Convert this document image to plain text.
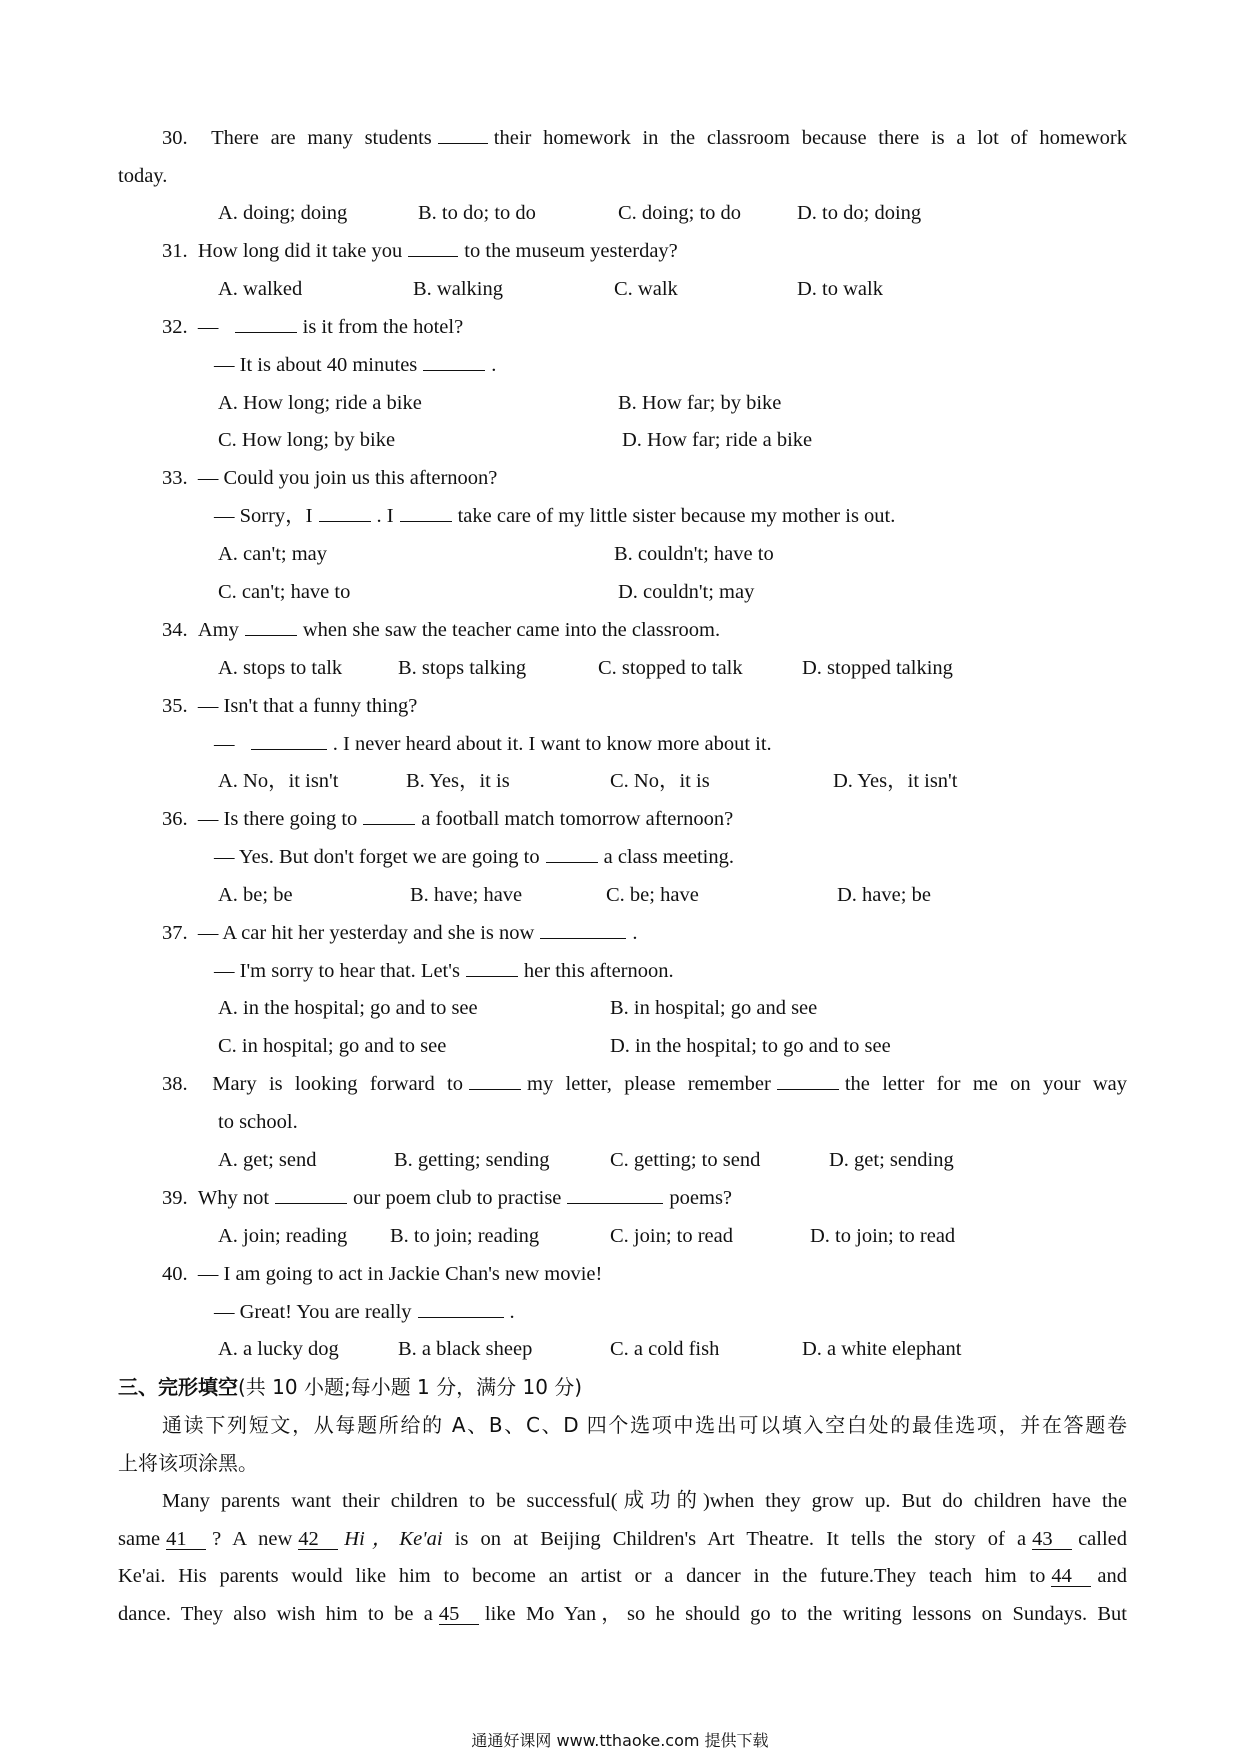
30. There are many students	their homework in the classroom because there is a lot of homework
today.
A. doing; doing	B. to do; to do	C. doing; to do	D. to do; doing
31. How long did it take you	to the museum yesterday?
A. walked	B. walking	C. walk	D. to walk
32. —	is it from the hotel?
— It is about 40 minutes	.
A. How long; ride a bike	B. How far; by bike
C. How long; by bike	D. How far; ride a bike
33. — Could you join us this afternoon?
— Sorry，I	. I	take care of my little sister because my mother is out.
A. can't; may	B. couldn't; have to
C. can't; have to	D. couldn't; may
34. Amy	when she saw the teacher came into the classroom.
A. stops to talk	B. stops talking	C. stopped to talk	D. stopped talking
35. — Isn't that a funny thing?
—	. I never heard about it. I want to know more about it.
A. No，it isn't	B. Yes，it is	C. No，it is	D. Yes，it isn't
36. — Is there going to	a football match tomorrow afternoon?
— Yes. But don't forget we are going to	a class meeting.
A. be; be	B. have; have	C. be; have	D. have; be
37. — A car hit her yesterday and she is now	.
— I'm sorry to hear that. Let's	her this afternoon.
A. in the hospital; go and to see	B. in hospital; go and see
C. in hospital; go and to see	D. in the hospital; to go and to see
38. Mary is looking forward to	my letter, please remember	the letter for me on your way
to school.
A. get; send	B. getting; sending	C. getting; to send	D. get; sending
39. Why not	our poem club to practise	poems?
A. join; reading B. to join; reading	C. join; to read	D. to join; to read
40. — I am going to act in Jackie Chan's new movie!
— Great! You are really	.
A. a lucky dog	B. a black sheep	C. a cold fish	D. a white elephant
三、完形填空(共 10 小题;每小题 1 分，满分 10 分)
通读下列短文，从每题所给的 A、B、C、D 四个选项中选出可以填入空白处的最佳选项，并在答题卷
上将该项涂黑。
Many parents want their children to be successful(成功的)when they grow up. But do children have the
same 41 ? A new 42 Hi，Ke'ai is on at Beijing Children's Art Theatre. It tells the story of a 43 called
Ke'ai. His parents would like him to become an artist or a dancer in the future.They teach him to 44 and
dance. They also wish him to be a 45 like Mo Yan，so he should go to the writing lessons on Sundays. But
通通好课网 www.tthaoke.com 提供下载
